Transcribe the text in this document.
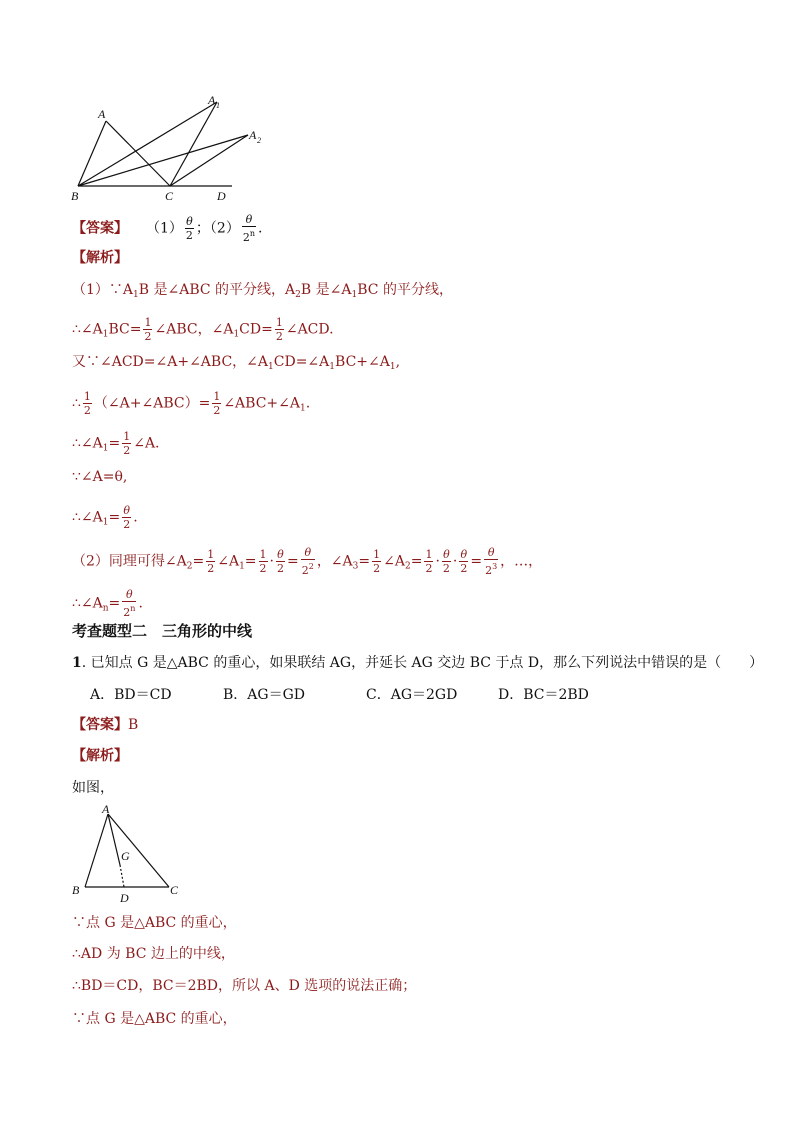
A
A 1
A 2
B	C	D
【答案】 $(1) \frac{\theta}{2}$ ；$(2) \frac{\theta}{2^n}$ .
【解析】
$(1)\because A_1B$ 是∠ABC 的平分线，$A_2B$ 是$\angle A_1BC$ 的平分线，
$\therefore\angle A_1BC= \frac{1}{2}$ ∠ABC，$\angle A_1CD= \frac{1}{2}$ ∠ACD.
又∵∠ACD=∠A+∠ABC，$\angle A_1CD=\angle A_1BC+\angle A_1$,
∴ $\frac{1}{2}$ （∠A+∠ABC）= $\frac{1}{2}$ $\angle ABC+\angle A_1$.
$\therefore\angle A_1= \frac{1}{2}$ ∠A.
∵∠A=θ,
$\therefore\angle A_1= \frac{\theta}{2}$ .
（2）同理可得$\angle A_2= \frac{1}{2}$ $\angle A_1= \frac{1}{2} \cdot \frac{\theta}{2} = \frac{\theta}{2^2}$ ，$\angle A_3= \frac{1}{2}$ $\angle A_2= \frac{1}{2} \cdot \frac{\theta}{2} \cdot \frac{\theta}{2} = \frac{\theta}{2^3}$ ，…，
$\therefore\angle A_n= \frac{\theta}{2^n}$ .
考查题型二　三角形的中线
1. 已知点 G 是△ABC 的重心，如果联结 AG，并延长 AG 交边 BC 于点 D，那么下列说法中错误的是（　　）
A．BD＝CD	B．AG＝GD	C．AG＝2GD	D．BC＝2BD
【答案】B
【解析】
如图，
A
B	C
D
G
∵点 G 是△ABC 的重心，
∴AD 为 BC 边上的中线，
∴BD＝CD，BC＝2BD，所以 A、D 选项的说法正确；
∵点 G 是△ABC 的重心，
